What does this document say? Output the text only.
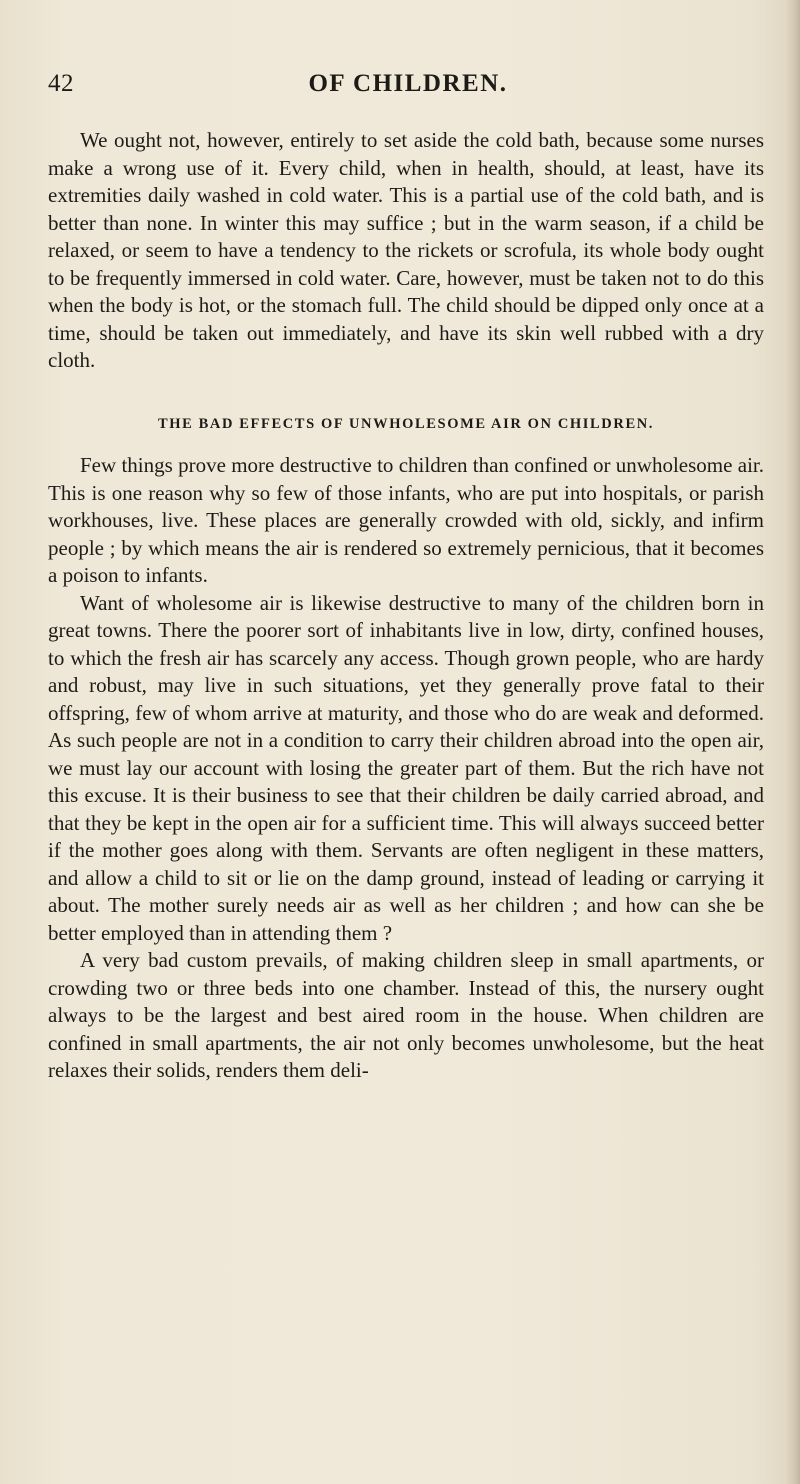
42	OF CHILDREN.

We ought not, however, entirely to set aside the cold bath, because some nurses make a wrong use of it. Every child, when in health, should, at least, have its extremities daily washed in cold water. This is a partial use of the cold bath, and is better than none. In winter this may suffice ; but in the warm season, if a child be relaxed, or seem to have a tendency to the rickets or scrofula, its whole body ought to be frequently immersed in cold water. Care, however, must be taken not to do this when the body is hot, or the stomach full. The child should be dipped only once at a time, should be taken out immediately, and have its skin well rubbed with a dry cloth.

THE BAD EFFECTS OF UNWHOLESOME AIR ON CHILDREN.

Few things prove more destructive to children than confined or unwholesome air. This is one reason why so few of those infants, who are put into hospitals, or parish workhouses, live. These places are generally crowded with old, sickly, and infirm people ; by which means the air is rendered so extremely pernicious, that it becomes a poison to infants.

Want of wholesome air is likewise destructive to many of the children born in great towns. There the poorer sort of inhabitants live in low, dirty, confined houses, to which the fresh air has scarcely any access. Though grown people, who are hardy and robust, may live in such situations, yet they generally prove fatal to their offspring, few of whom arrive at maturity, and those who do are weak and deformed. As such people are not in a condition to carry their children abroad into the open air, we must lay our account with losing the greater part of them. But the rich have not this excuse. It is their business to see that their children be daily carried abroad, and that they be kept in the open air for a sufficient time. This will always succeed better if the mother goes along with them. Servants are often negligent in these matters, and allow a child to sit or lie on the damp ground, instead of leading or carrying it about. The mother surely needs air as well as her children ; and how can she be better employed than in attending them ?

A very bad custom prevails, of making children sleep in small apartments, or crowding two or three beds into one chamber. Instead of this, the nursery ought always to be the largest and best aired room in the house. When children are confined in small apartments, the air not only becomes unwholesome, but the heat relaxes their solids, renders them deli-
